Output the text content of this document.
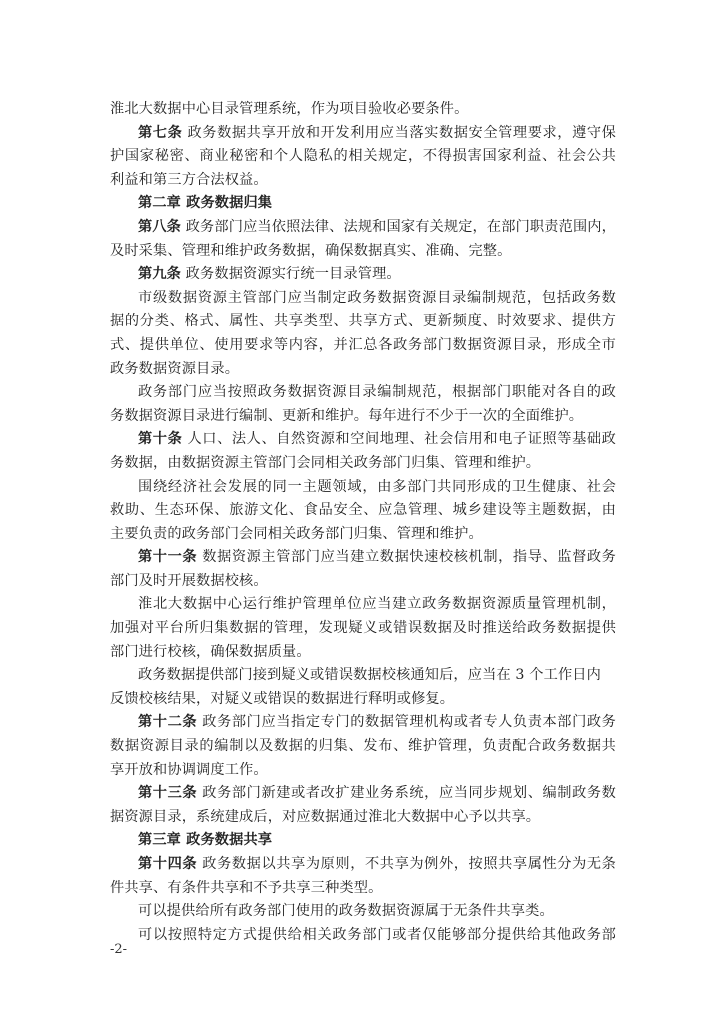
淮北大数据中心目录管理系统，作为项目验收必要条件。
第七条 政务数据共享开放和开发利用应当落实数据安全管理要求，遵守保
护国家秘密、商业秘密和个人隐私的相关规定，不得损害国家利益、社会公共
利益和第三方合法权益。
第二章 政务数据归集
第八条 政务部门应当依照法律、法规和国家有关规定，在部门职责范围内，
及时采集、管理和维护政务数据，确保数据真实、准确、完整。
第九条 政务数据资源实行统一目录管理。
市级数据资源主管部门应当制定政务数据资源目录编制规范，包括政务数
据的分类、格式、属性、共享类型、共享方式、更新频度、时效要求、提供方
式、提供单位、使用要求等内容，并汇总各政务部门数据资源目录，形成全市
政务数据资源目录。
政务部门应当按照政务数据资源目录编制规范，根据部门职能对各自的政
务数据资源目录进行编制、更新和维护。每年进行不少于一次的全面维护。
第十条 人口、法人、自然资源和空间地理、社会信用和电子证照等基础政
务数据，由数据资源主管部门会同相关政务部门归集、管理和维护。
围绕经济社会发展的同一主题领域，由多部门共同形成的卫生健康、社会
救助、生态环保、旅游文化、食品安全、应急管理、城乡建设等主题数据，由
主要负责的政务部门会同相关政务部门归集、管理和维护。
第十一条 数据资源主管部门应当建立数据快速校核机制，指导、监督政务
部门及时开展数据校核。
淮北大数据中心运行维护管理单位应当建立政务数据资源质量管理机制，
加强对平台所归集数据的管理，发现疑义或错误数据及时推送给政务数据提供
部门进行校核，确保数据质量。
政务数据提供部门接到疑义或错误数据校核通知后，应当在 3 个工作日内
反馈校核结果，对疑义或错误的数据进行释明或修复。
第十二条 政务部门应当指定专门的数据管理机构或者专人负责本部门政务
数据资源目录的编制以及数据的归集、发布、维护管理，负责配合政务数据共
享开放和协调调度工作。
第十三条 政务部门新建或者改扩建业务系统，应当同步规划、编制政务数
据资源目录，系统建成后，对应数据通过淮北大数据中心予以共享。
第三章 政务数据共享
第十四条 政务数据以共享为原则，不共享为例外，按照共享属性分为无条
件共享、有条件共享和不予共享三种类型。
可以提供给所有政务部门使用的政务数据资源属于无条件共享类。
可以按照特定方式提供给相关政务部门或者仅能够部分提供给其他政务部
-2-
